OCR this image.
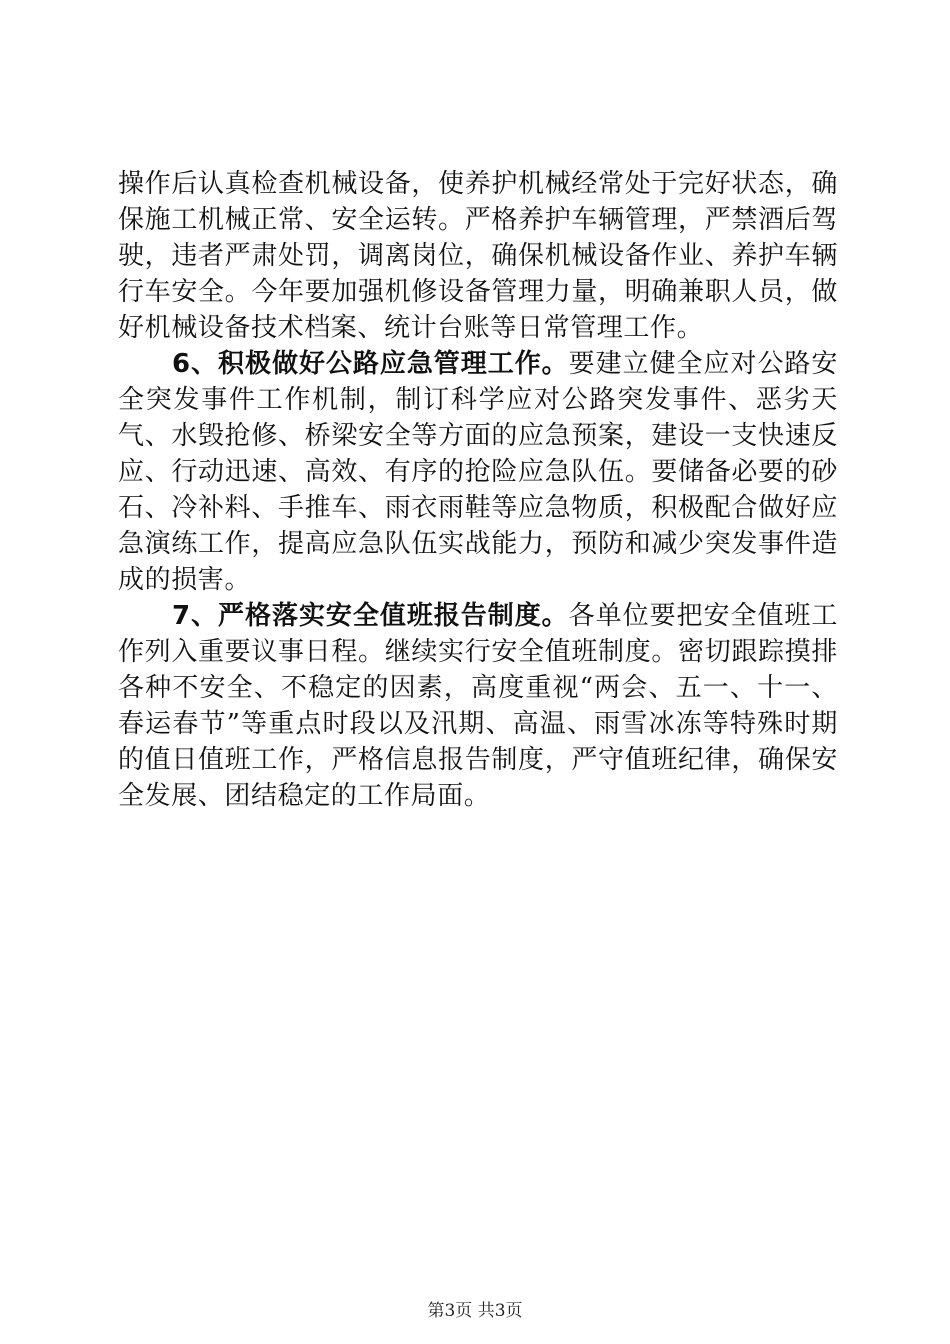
操作后认真检查机械设备，使养护机械经常处于完好状态，确保施工机械正常、安全运转。严格养护车辆管理，严禁酒后驾驶，违者严肃处罚，调离岗位，确保机械设备作业、养护车辆行车安全。今年要加强机修设备管理力量，明确兼职人员，做好机械设备技术档案、统计台账等日常管理工作。

6、积极做好公路应急管理工作。要建立健全应对公路安全突发事件工作机制，制订科学应对公路突发事件、恶劣天气、水毁抢修、桥梁安全等方面的应急预案，建设一支快速反应、行动迅速、高效、有序的抢险应急队伍。要储备必要的砂石、冷补料、手推车、雨衣雨鞋等应急物质，积极配合做好应急演练工作，提高应急队伍实战能力，预防和减少突发事件造成的损害。

7、严格落实安全值班报告制度。各单位要把安全值班工作列入重要议事日程。继续实行安全值班制度。密切跟踪摸排各种不安全、不稳定的因素，高度重视“两会、五一、十一、春运春节”等重点时段以及汛期、高温、雨雪冰冻等特殊时期的值日值班工作，严格信息报告制度，严守值班纪律，确保安全发展、团结稳定的工作局面。

第3页 共3页
